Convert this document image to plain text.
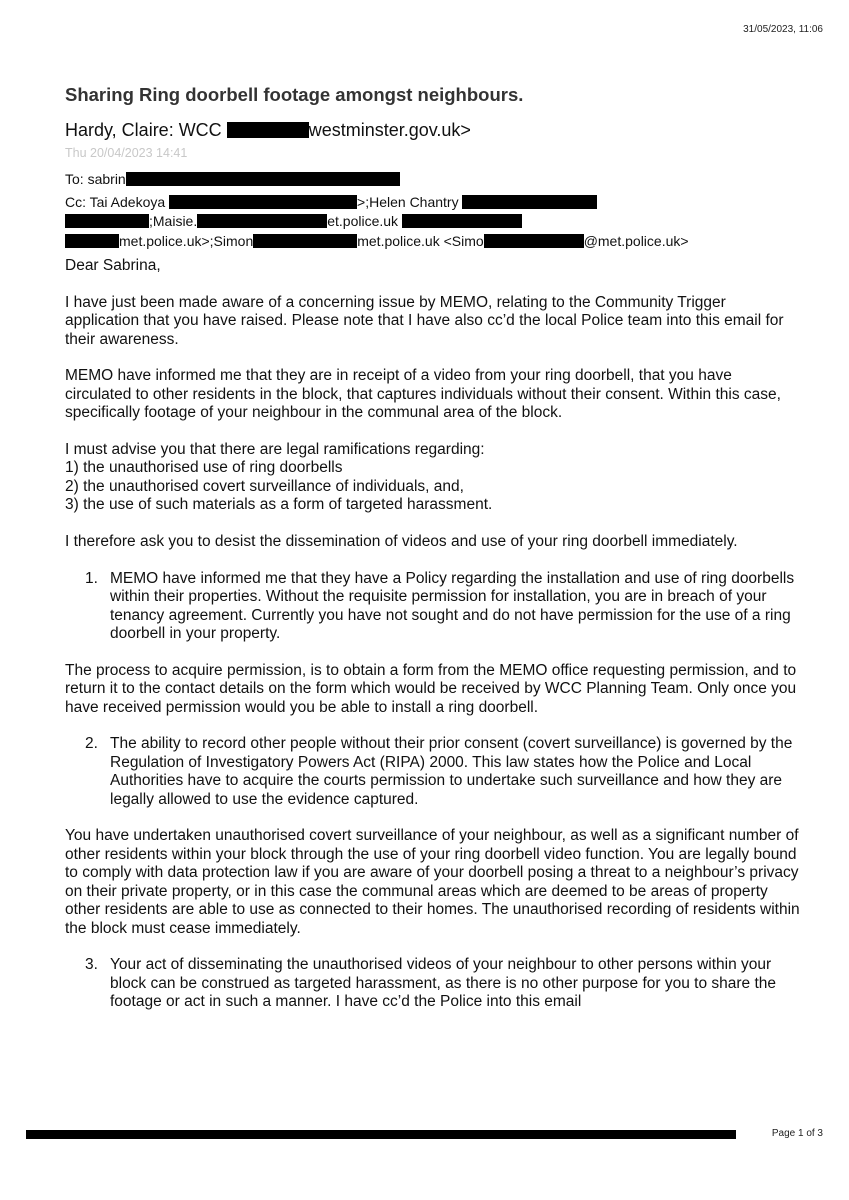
31/05/2023, 11:06
Sharing Ring doorbell footage amongst neighbours.
Hardy, Claire: WCC	westminster.gov.uk>
Thu 20/04/2023 14:41
To: sabrin
Cc: Tai Adekoya	>;Helen Chantry
;Maisie.	et.police.uk
met.police.uk>;Simon	met.police.uk <Simo	@met.police.uk>

Dear Sabrina,

I have just been made aware of a concerning issue by MEMO, relating to the Community Trigger application that you have raised. Please note that I have also cc’d the local Police team into this email for their awareness.

MEMO have informed me that they are in receipt of a video from your ring doorbell, that you have circulated to other residents in the block, that captures individuals without their consent. Within this case, specifically footage of your neighbour in the communal area of the block.

I must advise you that there are legal ramifications regarding:
1) the unauthorised use of ring doorbells
2) the unauthorised covert surveillance of individuals, and,
3) the use of such materials as a form of targeted harassment.

I therefore ask you to desist the dissemination of videos and use of your ring doorbell immediately.

1. MEMO have informed me that they have a Policy regarding the installation and use of ring doorbells within their properties. Without the requisite permission for installation, you are in breach of your tenancy agreement. Currently you have not sought and do not have permission for the use of a ring doorbell in your property.

The process to acquire permission, is to obtain a form from the MEMO office requesting permission, and to return it to the contact details on the form which would be received by WCC Planning Team. Only once you have received permission would you be able to install a ring doorbell.

2. The ability to record other people without their prior consent (covert surveillance) is governed by the Regulation of Investigatory Powers Act (RIPA) 2000. This law states how the Police and Local Authorities have to acquire the courts permission to undertake such surveillance and how they are legally allowed to use the evidence captured.

You have undertaken unauthorised covert surveillance of your neighbour, as well as a significant number of other residents within your block through the use of your ring doorbell video function. You are legally bound to comply with data protection law if you are aware of your doorbell posing a threat to a neighbour’s privacy on their private property, or in this case the communal areas which are deemed to be areas of property other residents are able to use as connected to their homes. The unauthorised recording of residents within the block must cease immediately.

3. Your act of disseminating the unauthorised videos of your neighbour to other persons within your block can be construed as targeted harassment, as there is no other purpose for you to share the footage or act in such a manner. I have cc’d the Police into this email
Page 1 of 3
